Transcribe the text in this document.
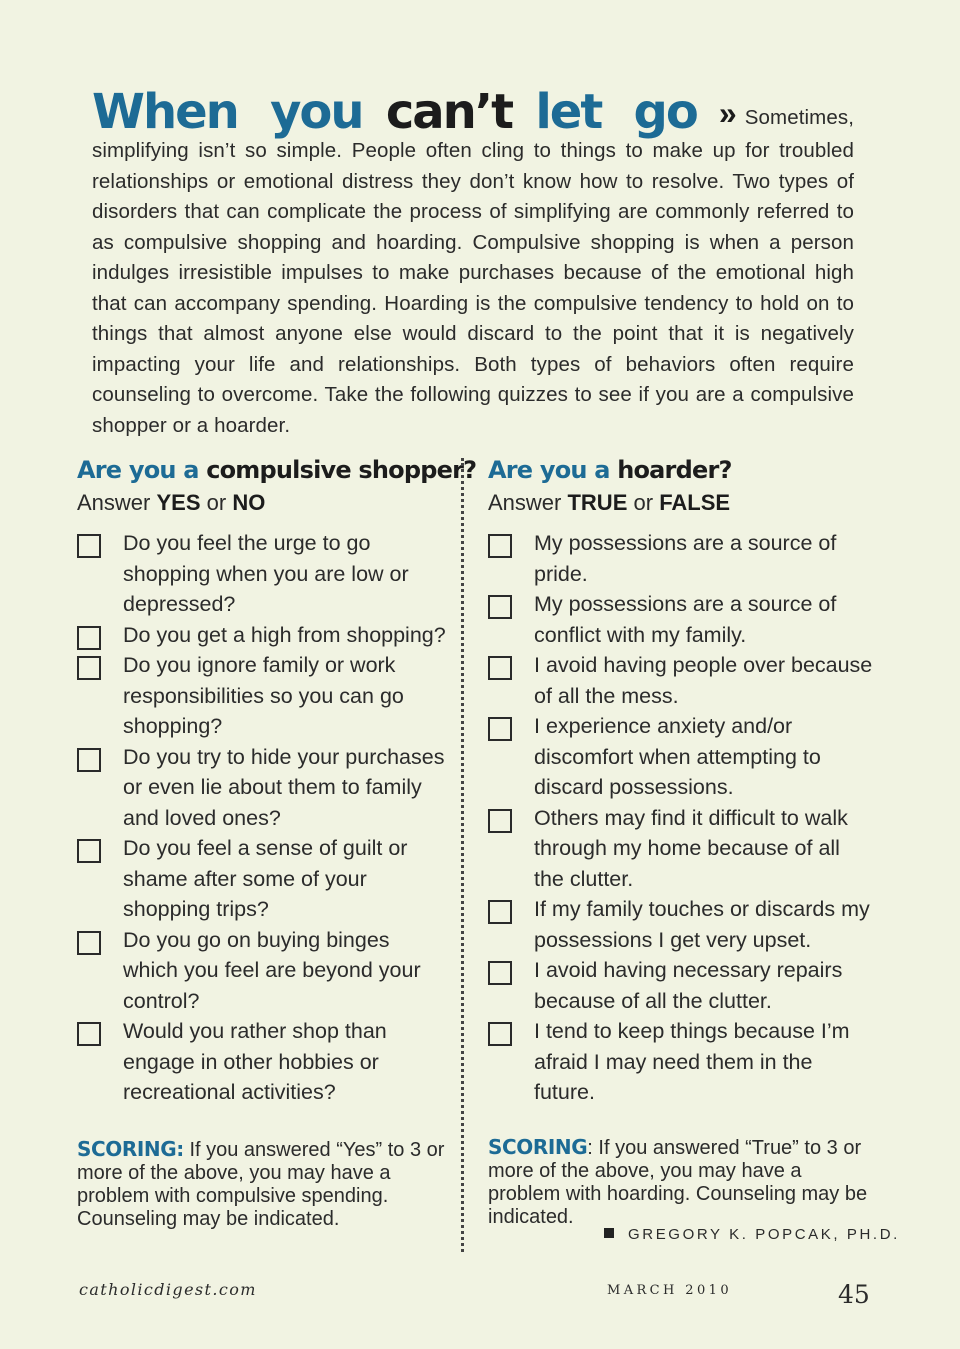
When you can’t let go » Sometimes, simplifying isn’t so simple. People often cling to things to make up for troubled relationships or emotional distress they don’t know how to resolve. Two types of disorders that can complicate the process of simplifying are commonly referred to as compulsive shopping and hoarding. Compulsive shopping is when a person indulges irresistible impulses to make purchases because of the emotional high that can accompany spending. Hoarding is the compulsive tendency to hold on to things that almost anyone else would discard to the point that it is negatively impacting your life and relationships. Both types of behaviors often require counseling to overcome. Take the following quizzes to see if you are a compulsive shopper or a hoarder.
Are you a compulsive shopper?
Answer YES or NO
Do you feel the urge to go shopping when you are low or depressed?
Do you get a high from shopping?
Do you ignore family or work responsibilities so you can go shopping?
Do you try to hide your purchases or even lie about them to family and loved ones?
Do you feel a sense of guilt or shame after some of your shopping trips?
Do you go on buying binges which you feel are beyond your control?
Would you rather shop than engage in other hobbies or recreational activities?
SCORING: If you answered “Yes” to 3 or more of the above, you may have a problem with compulsive spending. Counseling may be indicated.
Are you a hoarder?
Answer TRUE or FALSE
My possessions are a source of pride.
My possessions are a source of conflict with my family.
I avoid having people over because of all the mess.
I experience anxiety and/or discomfort when attempting to discard possessions.
Others may find it difficult to walk through my home because of all the clutter.
If my family touches or discards my possessions I get very upset.
I avoid having necessary repairs because of all the clutter.
I tend to keep things because I’m afraid I may need them in the future.
SCORING: If you answered “True” to 3 or more of the above, you may have a problem with hoarding. Counseling may be indicated.
GREGORY K. POPCAK, PH.D.
catholicdigest.com	MARCH 2010	45
